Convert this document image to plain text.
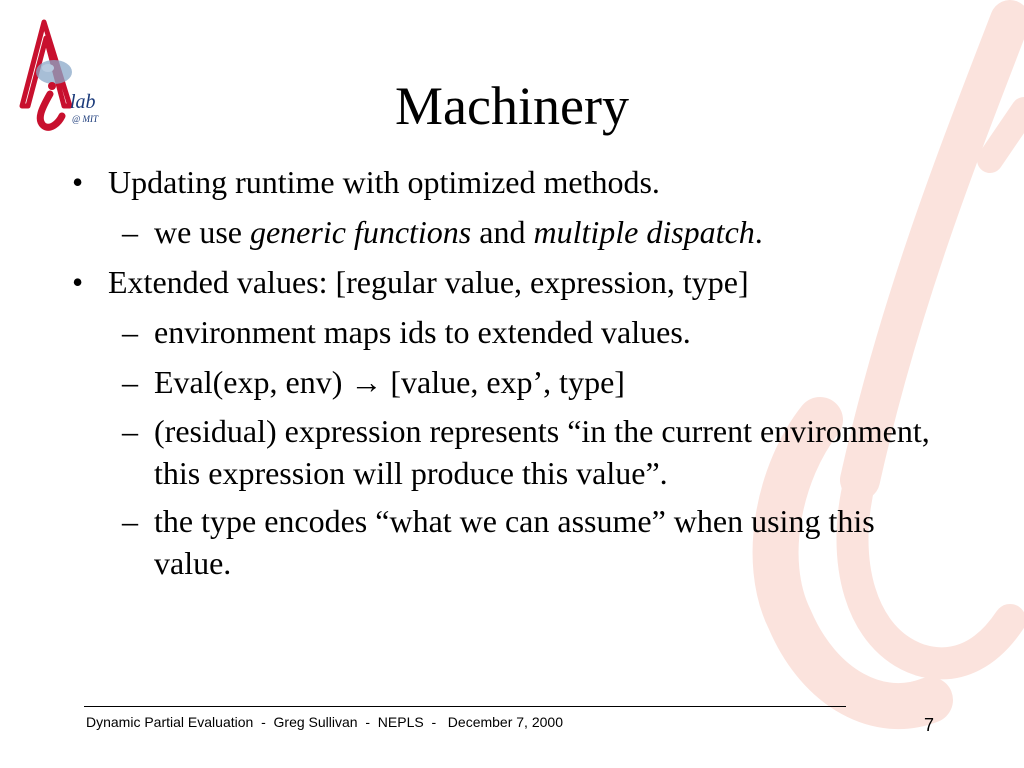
lab
@ MIT	Machinery
• Updating runtime with optimized methods.
– we use generic functions and multiple dispatch.
• Extended values: [regular value, expression, type]
– environment maps ids to extended values.
– Eval(exp, env) → [value, exp’, type]
– (residual) expression represents “in the current environment, this expression will produce this value”.
– the type encodes “what we can assume” when using this value.
Dynamic Partial Evaluation  -  Greg Sullivan  -  NEPLS  -   December 7, 2000	7
